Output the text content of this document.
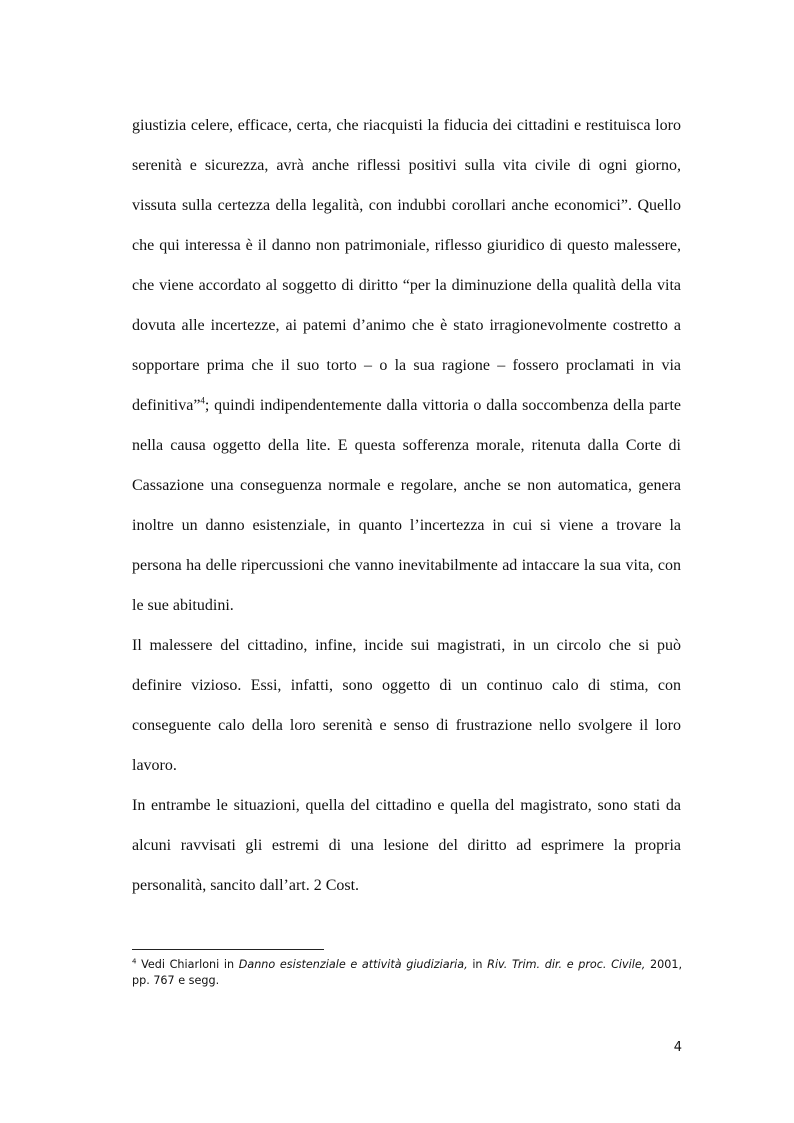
giustizia celere, efficace, certa, che riacquisti la fiducia dei cittadini e restituisca loro serenità e sicurezza, avrà anche riflessi positivi sulla vita civile di ogni giorno, vissuta sulla certezza della legalità, con indubbi corollari anche economici”. Quello che qui interessa è il danno non patrimoniale, riflesso giuridico di questo malessere, che viene accordato al soggetto di diritto “per la diminuzione della qualità della vita dovuta alle incertezze, ai patemi d’animo che è stato irragionevolmente costretto a sopportare prima che il suo torto – o la sua ragione – fossero proclamati in via definitiva”$^4$; quindi indipendentemente dalla vittoria o dalla soccombenza della parte nella causa oggetto della lite. E questa sofferenza morale, ritenuta dalla Corte di Cassazione una conseguenza normale e regolare, anche se non automatica, genera inoltre un danno esistenziale, in quanto l’incertezza in cui si viene a trovare la persona ha delle ripercussioni che vanno inevitabilmente ad intaccare la sua vita, con le sue abitudini.

Il malessere del cittadino, infine, incide sui magistrati, in un circolo che si può definire vizioso. Essi, infatti, sono oggetto di un continuo calo di stima, con conseguente calo della loro serenità e senso di frustrazione nello svolgere il loro lavoro.

In entrambe le situazioni, quella del cittadino e quella del magistrato, sono stati da alcuni ravvisati gli estremi di una lesione del diritto ad esprimere la propria personalità, sancito dall’art. 2 Cost.

$^4$ Vedi Chiarloni in Danno esistenziale e attività giudiziaria, in Riv. Trim. dir. e proc. Civile, 2001, pp. 767 e segg.
4
